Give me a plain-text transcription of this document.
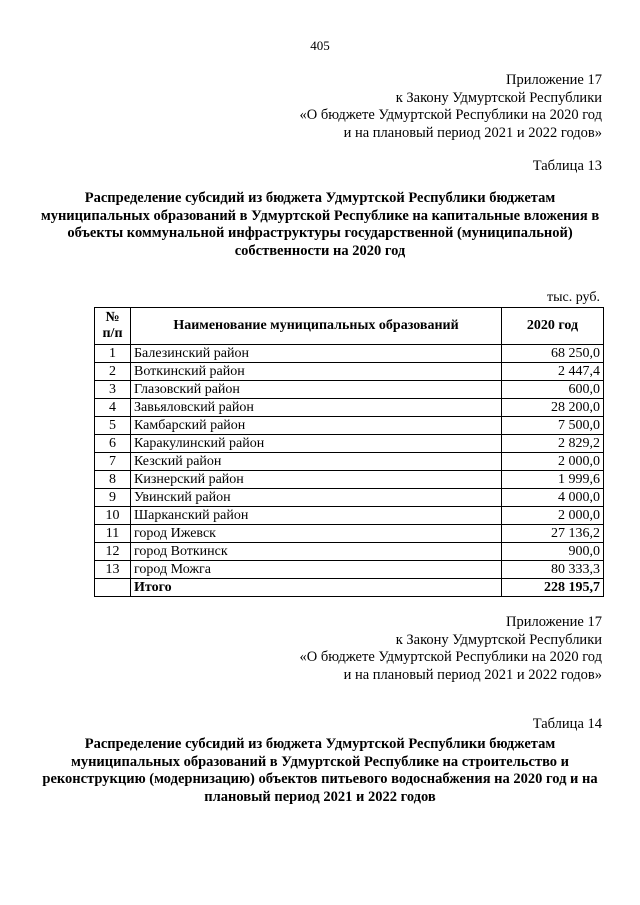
405
Приложение 17
к Закону Удмуртской Республики
«О бюджете Удмуртской Республики на 2020 год
и на плановый период 2021 и 2022 годов»
Таблица 13
Распределение субсидий из бюджета Удмуртской Республики бюджетам муниципальных образований в Удмуртской Республике на капитальные вложения в объекты коммунальной инфраструктуры государственной (муниципальной) собственности на 2020 год
тыс. руб.
№ п/п	Наименование муниципальных образований	2020 год
1	Балезинский район	68 250,0
2	Воткинский район	2 447,4
3	Глазовский район	600,0
4	Завьяловский район	28 200,0
5	Камбарский район	7 500,0
6	Каракулинский район	2 829,2
7	Кезский район	2 000,0
8	Кизнерский район	1 999,6
9	Увинский район	4 000,0
10	Шарканский район	2 000,0
11	город Ижевск	27 136,2
12	город Воткинск	900,0
13	город Можга	80 333,3
	Итого	228 195,7
Приложение 17
к Закону Удмуртской Республики
«О бюджете Удмуртской Республики на 2020 год
и на плановый период 2021 и 2022 годов»
Таблица 14
Распределение субсидий из бюджета Удмуртской Республики бюджетам муниципальных образований в Удмуртской Республике на строительство и реконструкцию (модернизацию) объектов питьевого водоснабжения на 2020 год и на плановый период 2021 и 2022 годов
